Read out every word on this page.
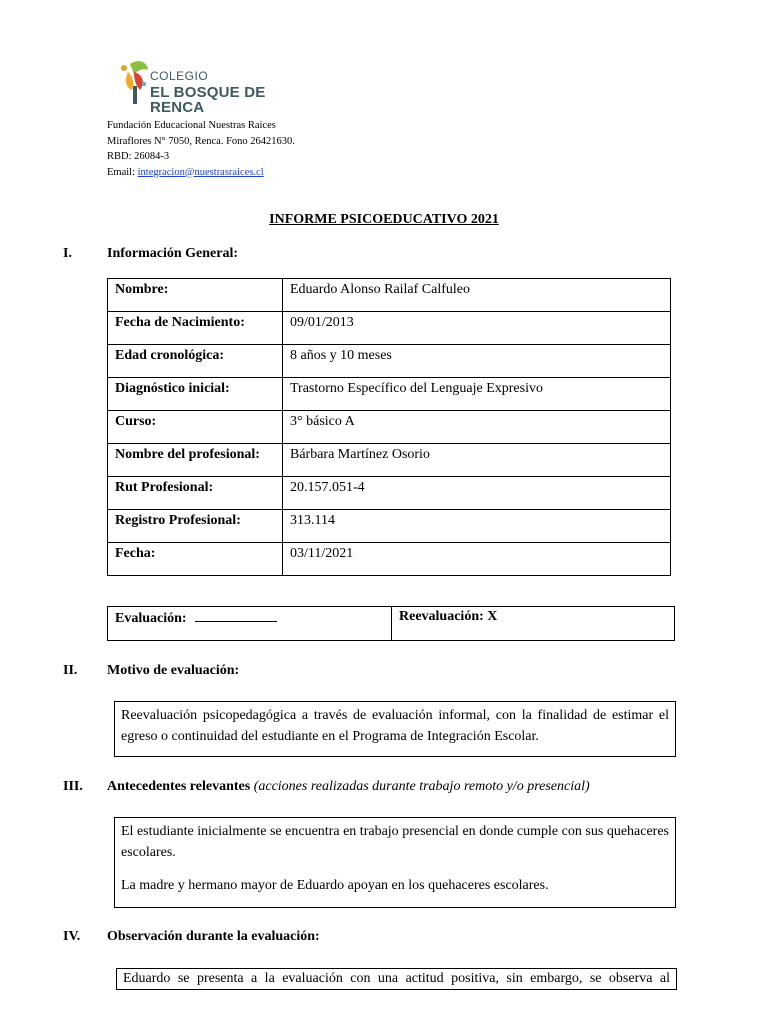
COLEGIO
EL BOSQUE DE RENCA
Fundación Educacional Nuestras Raíces
Miraflores N° 7050, Renca. Fono 26421630.
RBD: 26084-3
Email: integracion@nuestrasraices.cl
INFORME PSICOEDUCATIVO 2021
I.	Información General:
Nombre:	Eduardo Alonso Railaf Calfuleo
Fecha de Nacimiento:	09/01/2013
Edad cronológica:	8 años y 10 meses
Diagnóstico inicial:	Trastorno Específico del Lenguaje Expresivo
Curso:	3° básico A
Nombre del profesional:	Bárbara Martínez Osorio
Rut Profesional:	20.157.051-4
Registro Profesional:	313.114
Fecha:	03/11/2021
Evaluación:	Reevaluación: X
II. Motivo de evaluación:

Reevaluación psicopedagógica a través de evaluación informal, con la finalidad de estimar el egreso o continuidad del estudiante en el Programa de Integración Escolar.

III. Antecedentes relevantes (acciones realizadas durante trabajo remoto y/o presencial)

El estudiante inicialmente se encuentra en trabajo presencial en donde cumple con sus quehaceres escolares.

La madre y hermano mayor de Eduardo apoyan en los quehaceres escolares.

IV. Observación durante la evaluación:

Eduardo se presenta a la evaluación con una actitud positiva, sin embargo, se observa al
